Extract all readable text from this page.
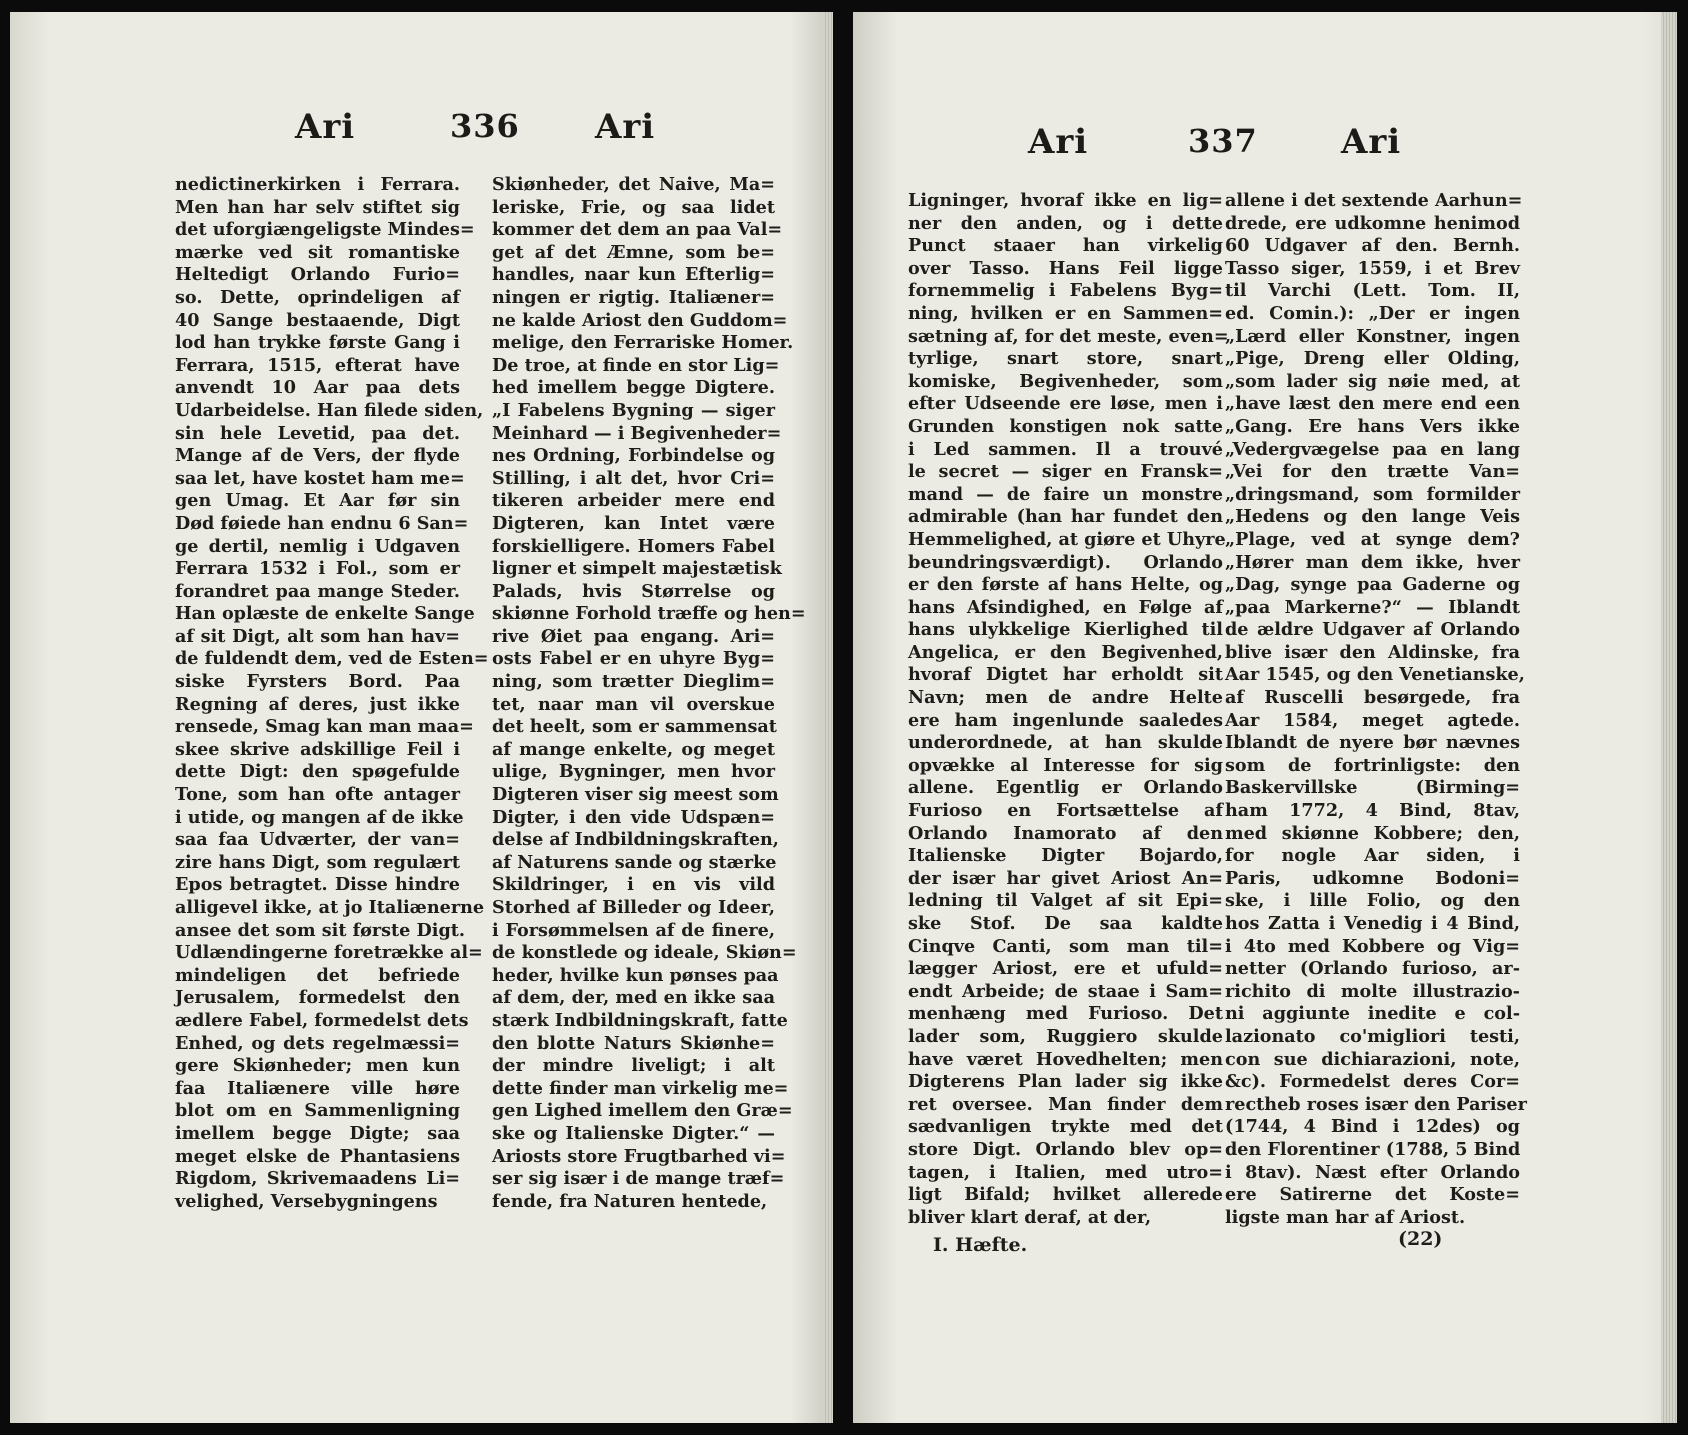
Ari	336 Ari
nedictinerkirken i Ferrara.
Men han har selv stiftet sig
det uforgiængeligste Mindes=
mærke ved sit romantiske
Heltedigt Orlando Furio=
so. Dette, oprindeligen af
40 Sange bestaaende, Digt
lod han trykke første Gang i
Ferrara, 1515, efterat have
anvendt 10 Aar paa dets
Udarbeidelse. Han filede siden,
sin hele Levetid, paa det.
Mange af de Vers, der flyde
saa let, have kostet ham me=
gen Umag. Et Aar før sin
Død føiede han endnu 6 San=
ge dertil, nemlig i Udgaven
Ferrara 1532 i Fol., som er
forandret paa mange Steder.
Han oplæste de enkelte Sange
af sit Digt, alt som han hav=
de fuldendt dem, ved de Esten=
siske Fyrsters Bord. Paa
Regning af deres, just ikke
rensede, Smag kan man maa=
skee skrive adskillige Feil i
dette Digt: den spøgefulde
Tone, som han ofte antager
i utide, og mangen af de ikke
saa faa Udværter, der van=
zire hans Digt, som regulært
Epos betragtet. Disse hindre
alligevel ikke, at jo Italiænerne
ansee det som sit første Digt.
Udlændingerne foretrække al=
mindeligen det befriede
Jerusalem, formedelst den
ædlere Fabel, formedelst dets
Enhed, og dets regelmæssi=
gere Skiønheder; men kun
faa Italiænere ville høre
blot om en Sammenligning
imellem begge Digte; saa
meget elske de Phantasiens
Rigdom, Skrivemaadens Li=
velighed, Versebygningens
Skiønheder, det Naive, Ma=
leriske, Frie, og saa lidet
kommer det dem an paa Val=
get af det Æmne, som be=
handles, naar kun Efterlig=
ningen er rigtig. Italiæner=
ne kalde Ariost den Guddom=
melige, den Ferrariske Homer.
De troe, at finde en stor Lig=
hed imellem begge Digtere.
„I Fabelens Bygning — siger
Meinhard — i Begivenheder=
nes Ordning, Forbindelse og
Stilling, i alt det, hvor Cri=
tikeren arbeider mere end
Digteren, kan Intet være
forskielligere. Homers Fabel
ligner et simpelt majestætisk
Palads, hvis Størrelse og
skiønne Forhold træffe og hen=
rive Øiet paa engang. Ari=
osts Fabel er en uhyre Byg=
ning, som trætter Dieglim=
tet, naar man vil overskue
det heelt, som er sammensat
af mange enkelte, og meget
ulige, Bygninger, men hvor
Digteren viser sig meest som
Digter, i den vide Udspæn=
delse af Indbildningskraften,
af Naturens sande og stærke
Skildringer, i en vis vild
Storhed af Billeder og Ideer,
i Forsømmelsen af de finere,
de konstlede og ideale, Skiøn=
heder, hvilke kun pønses paa
af dem, der, med en ikke saa
stærk Indbildningskraft, fatte
den blotte Naturs Skiønhe=
der mindre liveligt; i alt
dette finder man virkelig me=
gen Lighed imellem den Græ=
ske og Italienske Digter.“ —
Ariosts store Frugtbarhed vi=
ser sig især i de mange træf=
fende, fra Naturen hentede,
Ari	337 Ari
Ligninger, hvoraf ikke en lig=
ner den anden, og i dette
Punct staaer han virkelig
over Tasso. Hans Feil ligge
fornemmelig i Fabelens Byg=
ning, hvilken er en Sammen=
sætning af, for det meste, even=
tyrlige, snart store, snart
komiske, Begivenheder, som
efter Udseende ere løse, men i
Grunden konstigen nok satte
i Led sammen. Il a trouvé
le secret — siger en Fransk=
mand — de faire un monstre
admirable (han har fundet den
Hemmelighed, at giøre et Uhyre
beundringsværdigt). Orlando
er den første af hans Helte, og
hans Afsindighed, en Følge af
hans ulykkelige Kierlighed til
Angelica, er den Begivenhed,
hvoraf Digtet har erholdt sit
Navn; men de andre Helte
ere ham ingenlunde saaledes
underordnede, at han skulde
opvække al Interesse for sig
allene. Egentlig er Orlando
Furioso en Fortsættelse af
Orlando Inamorato af den
Italienske Digter Bojardo,
der især har givet Ariost An=
ledning til Valget af sit Epi=
ske Stof. De saa kaldte
Cinqve Canti, som man til=
lægger Ariost, ere et ufuld=
endt Arbeide; de staae i Sam=
menhæng med Furioso. Det
lader som, Ruggiero skulde
have været Hovedhelten; men
Digterens Plan lader sig ikke
ret oversee. Man finder dem
sædvanligen trykte med det
store Digt. Orlando blev op=
tagen, i Italien, med utro=
ligt Bifald; hvilket allerede
bliver klart deraf, at der,
allene i det sextende Aarhun=
drede, ere udkomne henimod
60 Udgaver af den. Bernh.
Tasso siger, 1559, i et Brev
til Varchi (Lett. Tom. II,
ed. Comin.): „Der er ingen
„Lærd eller Konstner, ingen
„Pige, Dreng eller Olding,
„som lader sig nøie med, at
„have læst den mere end een
„Gang. Ere hans Vers ikke
„Vedergvægelse paa en lang
„Vei for den trætte Van=
„dringsmand, som formilder
„Hedens og den lange Veis
„Plage, ved at synge dem?
„Hører man dem ikke, hver
„Dag, synge paa Gaderne og
„paa Markerne?“ — Iblandt
de ældre Udgaver af Orlando
blive især den Aldinske, fra
Aar 1545, og den Venetianske,
af Ruscelli besørgede, fra
Aar 1584, meget agtede.
Iblandt de nyere bør nævnes
som de fortrinligste: den
Baskervillske (Birming=
ham 1772, 4 Bind, 8tav,
med skiønne Kobbere; den,
for nogle Aar siden, i
Paris, udkomne Bodoni=
ske, i lille Folio, og den
hos Zatta i Venedig i 4 Bind,
i 4to med Kobbere og Vig=
netter (Orlando furioso, ar-
richito di molte illustrazio-
ni aggiunte inedite e col-
lazionato co'migliori testi,
con sue dichiarazioni, note,
&c). Formedelst deres Cor=
rectheb roses især den Pariser
(1744, 4 Bind i 12des) og
den Florentiner (1788, 5 Bind
i 8tav). Næst efter Orlando
ere Satirerne det Koste=
ligste man har af Ariost.
I. Hæfte.	(22)
